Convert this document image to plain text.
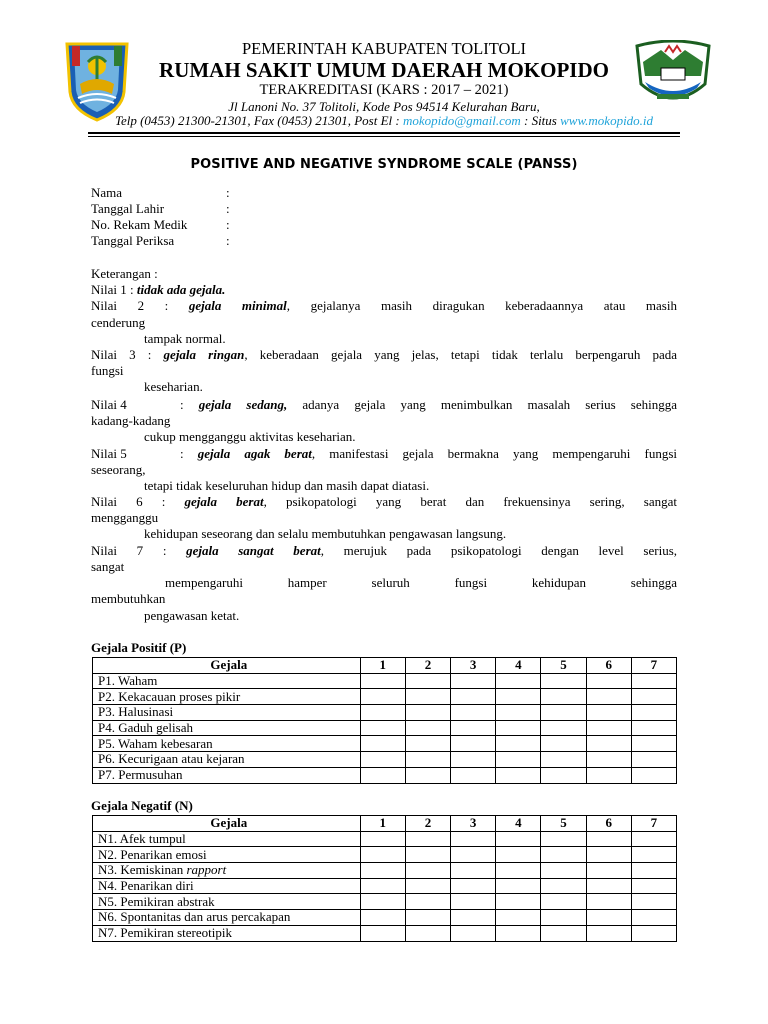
PEMERINTAH KABUPATEN TOLITOLI
RUMAH SAKIT UMUM DAERAH MOKOPIDO
TERAKREDITASI (KARS : 2017 – 2021)
Jl Lanoni No. 37 Tolitoli, Kode Pos 94514 Kelurahan Baru,
Telp (0453) 21300-21301, Fax (0453) 21301, Post El : mokopido@gmail.com : Situs www.mokopido.id
POSITIVE AND NEGATIVE SYNDROME SCALE (PANSS)
Nama	:
Tanggal Lahir	:
No. Rekam Medik	:
Tanggal Periksa	:
Keterangan :
Nilai 1 : tidak ada gejala.
Nilai 2 : gejala minimal, gejalanya masih diragukan keberadaannya atau masih
cenderung
tampak normal.
Nilai 3 : gejala ringan, keberadaan gejala yang jelas, tetapi tidak terlalu berpengaruh pada
fungsi
keseharian.
Nilai 4	: gejala sedang, adanya gejala yang menimbulkan masalah serius sehingga
kadang-kadang
cukup mengganggu aktivitas keseharian.
Nilai 5	: gejala agak berat, manifestasi gejala bermakna yang mempengaruhi fungsi
seseorang,
tetapi tidak keseluruhan hidup dan masih dapat diatasi.
Nilai 6 : gejala berat, psikopatologi yang berat dan frekuensinya sering, sangat
mengganggu
kehidupan seseorang dan selalu membutuhkan pengawasan langsung.
Nilai 7 : gejala sangat berat, merujuk pada psikopatologi dengan level serius,
sangat
mempengaruhi hamper seluruh fungsi kehidupan sehingga
membutuhkan
pengawasan ketat.
Gejala Positif (P)
Gejala	1	2	3	4	5	6	7
P1. Waham							
P2. Kekacauan proses pikir							
P3. Halusinasi							
P4. Gaduh gelisah							
P5. Waham kebesaran							
P6. Kecurigaan atau kejaran							
P7. Permusuhan							
Gejala Negatif (N)
Gejala	1	2	3	4	5	6	7
N1. Afek tumpul							
N2. Penarikan emosi							
N3. Kemiskinan rapport							
N4. Penarikan diri							
N5. Pemikiran abstrak							
N6. Spontanitas dan arus percakapan							
N7. Pemikiran stereotipik							
